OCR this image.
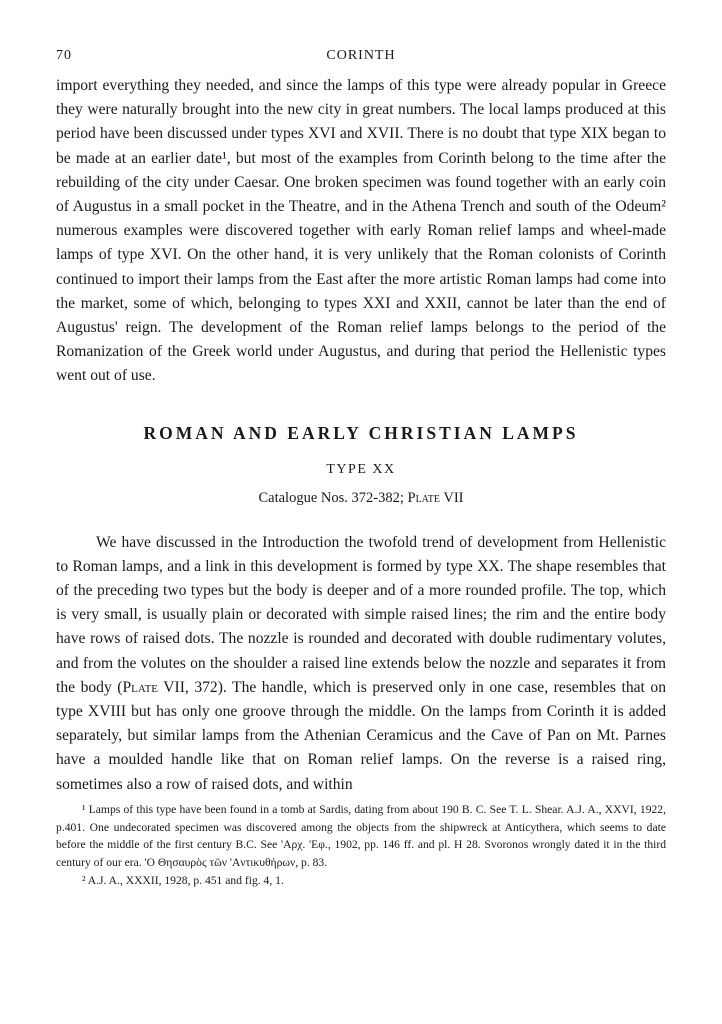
70	CORINTH

import everything they needed, and since the lamps of this type were already popular in Greece they were naturally brought into the new city in great numbers. The local lamps produced at this period have been discussed under types XVI and XVII. There is no doubt that type XIX began to be made at an earlier date¹, but most of the examples from Corinth belong to the time after the rebuilding of the city under Caesar. One broken specimen was found together with an early coin of Augustus in a small pocket in the Theatre, and in the Athena Trench and south of the Odeum² numerous examples were discovered together with early Roman relief lamps and wheel-made lamps of type XVI. On the other hand, it is very unlikely that the Roman colonists of Corinth continued to import their lamps from the East after the more artistic Roman lamps had come into the market, some of which, belonging to types XXI and XXII, cannot be later than the end of Augustus' reign. The development of the Roman relief lamps belongs to the period of the Romanization of the Greek world under Augustus, and during that period the Hellenistic types went out of use.

ROMAN AND EARLY CHRISTIAN LAMPS
TYPE XX
Catalogue Nos. 372-382; Plate VII

We have discussed in the Introduction the twofold trend of development from Hellenistic to Roman lamps, and a link in this development is formed by type XX. The shape resembles that of the preceding two types but the body is deeper and of a more rounded profile. The top, which is very small, is usually plain or decorated with simple raised lines; the rim and the entire body have rows of raised dots. The nozzle is rounded and decorated with double rudimentary volutes, and from the volutes on the shoulder a raised line extends below the nozzle and separates it from the body (Plate VII, 372). The handle, which is preserved only in one case, resembles that on type XVIII but has only one groove through the middle. On the lamps from Corinth it is added separately, but similar lamps from the Athenian Ceramicus and the Cave of Pan on Mt. Parnes have a moulded handle like that on Roman relief lamps. On the reverse is a raised ring, sometimes also a row of raised dots, and within

¹ Lamps of this type have been found in a tomb at Sardis, dating from about 190 B. C. See T. L. Shear. A.J. A., XXVI, 1922, p.401. One undecorated specimen was discovered among the objects from the shipwreck at Anticythera, which seems to date before the middle of the first century B.C. See 'Aρχ. 'Eφ., 1902, pp. 146 ff. and pl. H 28. Svoronos wrongly dated it in the third century of our era. 'O Θησαυρὸς τῶν 'Aντικυθήρων, p. 83.

² A.J. A., XXXII, 1928, p. 451 and fig. 4, 1.
